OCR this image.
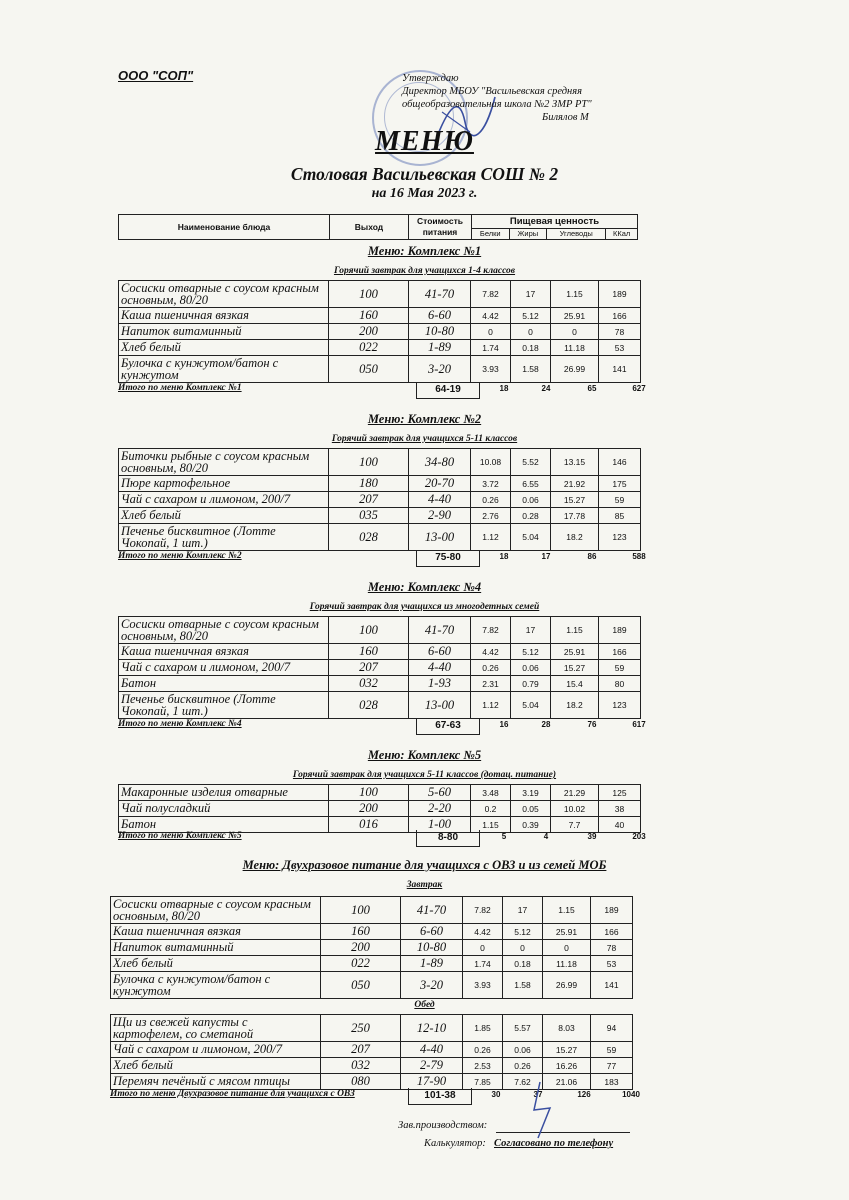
ООО "СОП"	Утверждаю
Директор МБОУ "Васильевская средняя
общеобразовательная школа №2 ЗМР РТ"
Билялов М
МЕНЮ
Столовая Васильевская СОШ № 2
на 16 Мая 2023 г.
Наименование блюда	Выход	Стоимость питания	Пищевая ценность			
			Белки	Жиры	Углеводы	ККал
Меню: Комплекс №1
Горячий завтрак для учащихся 1-4 классов
Сосиски отварные с соусом красным основным, 80/20	100	41-70	7.82	17	1.15	189
Каша пшеничная вязкая	160	6-60	4.42	5.12	25.91	166
Напиток витаминный	200	10-80	0	0	0	78
Хлеб белый	022	1-89	1.74	0.18	11.18	53
Булочка с кунжутом/батон с кунжутом	050	3-20	3.93	1.58	26.99	141
Итого по меню Комплекс №1	64-19	18	24	65	627
Меню: Комплекс №2
Горячий завтрак для учащихся 5-11 классов
Биточки рыбные с соусом красным основным, 80/20	100	34-80	10.08	5.52	13.15	146
Пюре картофельное	180	20-70	3.72	6.55	21.92	175
Чай с сахаром и лимоном, 200/7	207	4-40	0.26	0.06	15.27	59
Хлеб белый	035	2-90	2.76	0.28	17.78	85
Печенье бисквитное (Лотте Чокопай, 1 шт.)	028	13-00	1.12	5.04	18.2	123
Итого по меню Комплекс №2	75-80	18	17	86	588
Меню: Комплекс №4
Горячий завтрак для учащихся из многодетных семей
Сосиски отварные с соусом красным основным, 80/20	100	41-70	7.82	17	1.15	189
Каша пшеничная вязкая	160	6-60	4.42	5.12	25.91	166
Чай с сахаром и лимоном, 200/7	207	4-40	0.26	0.06	15.27	59
Батон	032	1-93	2.31	0.79	15.4	80
Печенье бисквитное (Лотте Чокопай, 1 шт.)	028	13-00	1.12	5.04	18.2	123
Итого по меню Комплекс №4	67-63	16	28	76	617
Меню: Комплекс №5
Горячий завтрак для учащихся 5-11 классов (дотац. питание)
Макаронные изделия отварные	100	5-60	3.48	3.19	21.29	125
Чай полусладкий	200	2-20	0.2	0.05	10.02	38
Батон	016	1-00	1.15	0.39	7.7	40
Итого по меню Комплекс №5	8-80	5	4	39	203
Меню: Двухразовое питание для учащихся с ОВЗ и из семей МОБ
Завтрак
Сосиски отварные с соусом красным основным, 80/20	100	41-70	7.82	17	1.15	189
Каша пшеничная вязкая	160	6-60	4.42	5.12	25.91	166
Напиток витаминный	200	10-80	0	0	0	78
Хлеб белый	022	1-89	1.74	0.18	11.18	53
Булочка с кунжутом/батон с кунжутом	050	3-20	3.93	1.58	26.99	141
Обед
Щи из свежей капусты с картофелем, со сметаной	250	12-10	1.85	5.57	8.03	94
Чай с сахаром и лимоном, 200/7	207	4-40	0.26	0.06	15.27	59
Хлеб белый	032	2-79	2.53	0.26	16.26	77
Перемяч печёный с мясом птицы	080	17-90	7.85	7.62	21.06	183
Итого по меню Двухразовое питание для учащихся с ОВЗ	101-38	30	37	126	1040
Зав.производством:
Калькулятор: Согласовано по телефону
